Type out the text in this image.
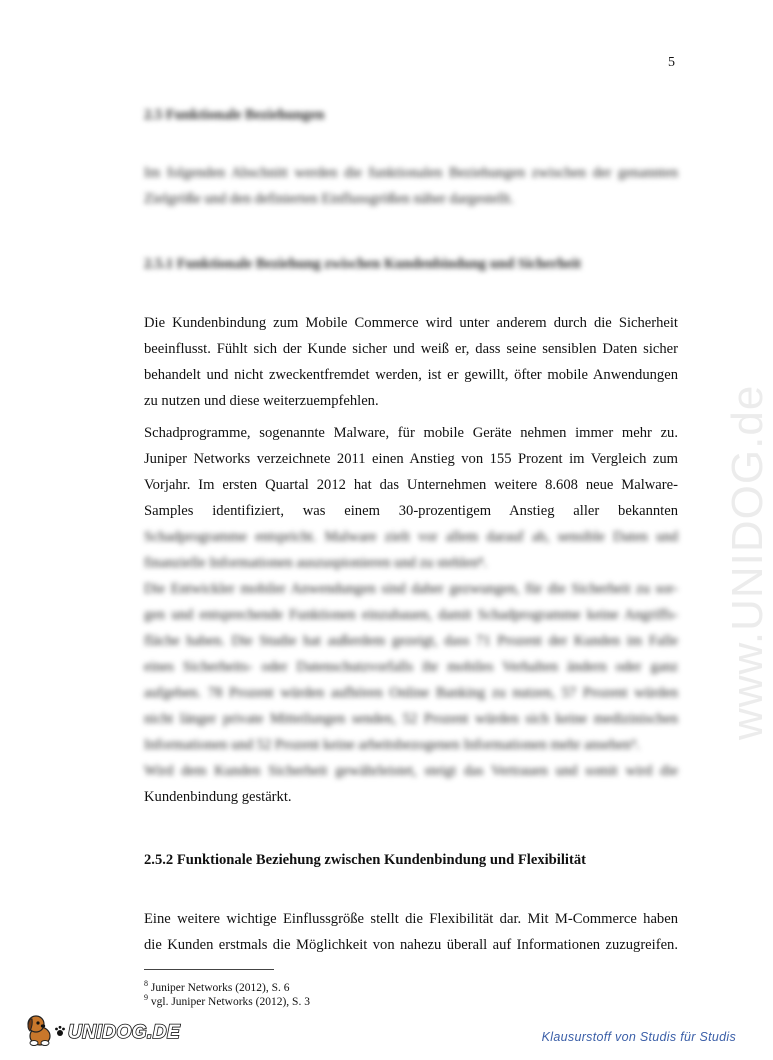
5
2.5 Funktionale Beziehungen
Im folgenden Abschnitt werden die funktionalen Beziehungen zwischen der genannten
Zielgröße und den definierten Einflussgrößen näher dargestellt.
2.5.1 Funktionale Beziehung zwischen Kundenbindung und Sicherheit
Die Kundenbindung zum Mobile Commerce wird unter anderem durch die Sicherheit
beeinflusst. Fühlt sich der Kunde sicher und weiß er, dass seine sensiblen Daten sicher
behandelt und nicht zweckentfremdet werden, ist er gewillt, öfter mobile Anwendungen
zu nutzen und diese weiterzuempfehlen.
Schadprogramme, sogenannte Malware, für mobile Geräte nehmen immer mehr zu.
Juniper Networks verzeichnete 2011 einen Anstieg von 155 Prozent im Vergleich zum
Vorjahr. Im ersten Quartal 2012 hat das Unternehmen weitere 8.608 neue Malware-
Samples identifiziert, was einem 30-prozentigem Anstieg aller bekannten
Schadprogramme entspricht. Malware zielt vor allem darauf ab, sensible Daten und
finanzielle Informationen auszuspionieren und zu stehlen⁸.
Die Entwickler mobiler Anwendungen sind daher gezwungen, für die Sicherheit zu sor-
gen und entsprechende Funktionen einzubauen, damit Schadprogramme keine Angriffs-
fläche haben. Die Studie hat außerdem gezeigt, dass 71 Prozent der Kunden im Falle
eines Sicherheits- oder Datenschutzvorfalls ihr mobiles Verhalten ändern oder ganz
aufgeben. 78 Prozent würden aufhören Online Banking zu nutzen, 57 Prozent würden
nicht länger private Mitteilungen senden, 52 Prozent würden sich keine medizinischen
Informationen und 52 Prozent keine arbeitsbezogenen Informationen mehr ansehen⁹.
Wird dem Kunden Sicherheit gewährleistet, steigt das Vertrauen und somit wird die
Kundenbindung gestärkt.
2.5.2 Funktionale Beziehung zwischen Kundenbindung und Flexibilität
Eine weitere wichtige Einflussgröße stellt die Flexibilität dar. Mit M-Commerce haben
die Kunden erstmals die Möglichkeit von nahezu überall auf Informationen zuzugreifen.
$^8$ Juniper Networks (2012), S. 6
$^9$ vgl. Juniper Networks (2012), S. 3
www.UNIDOG.de
UNIDOG.DE	Klausurstoff von Studis für Studis
